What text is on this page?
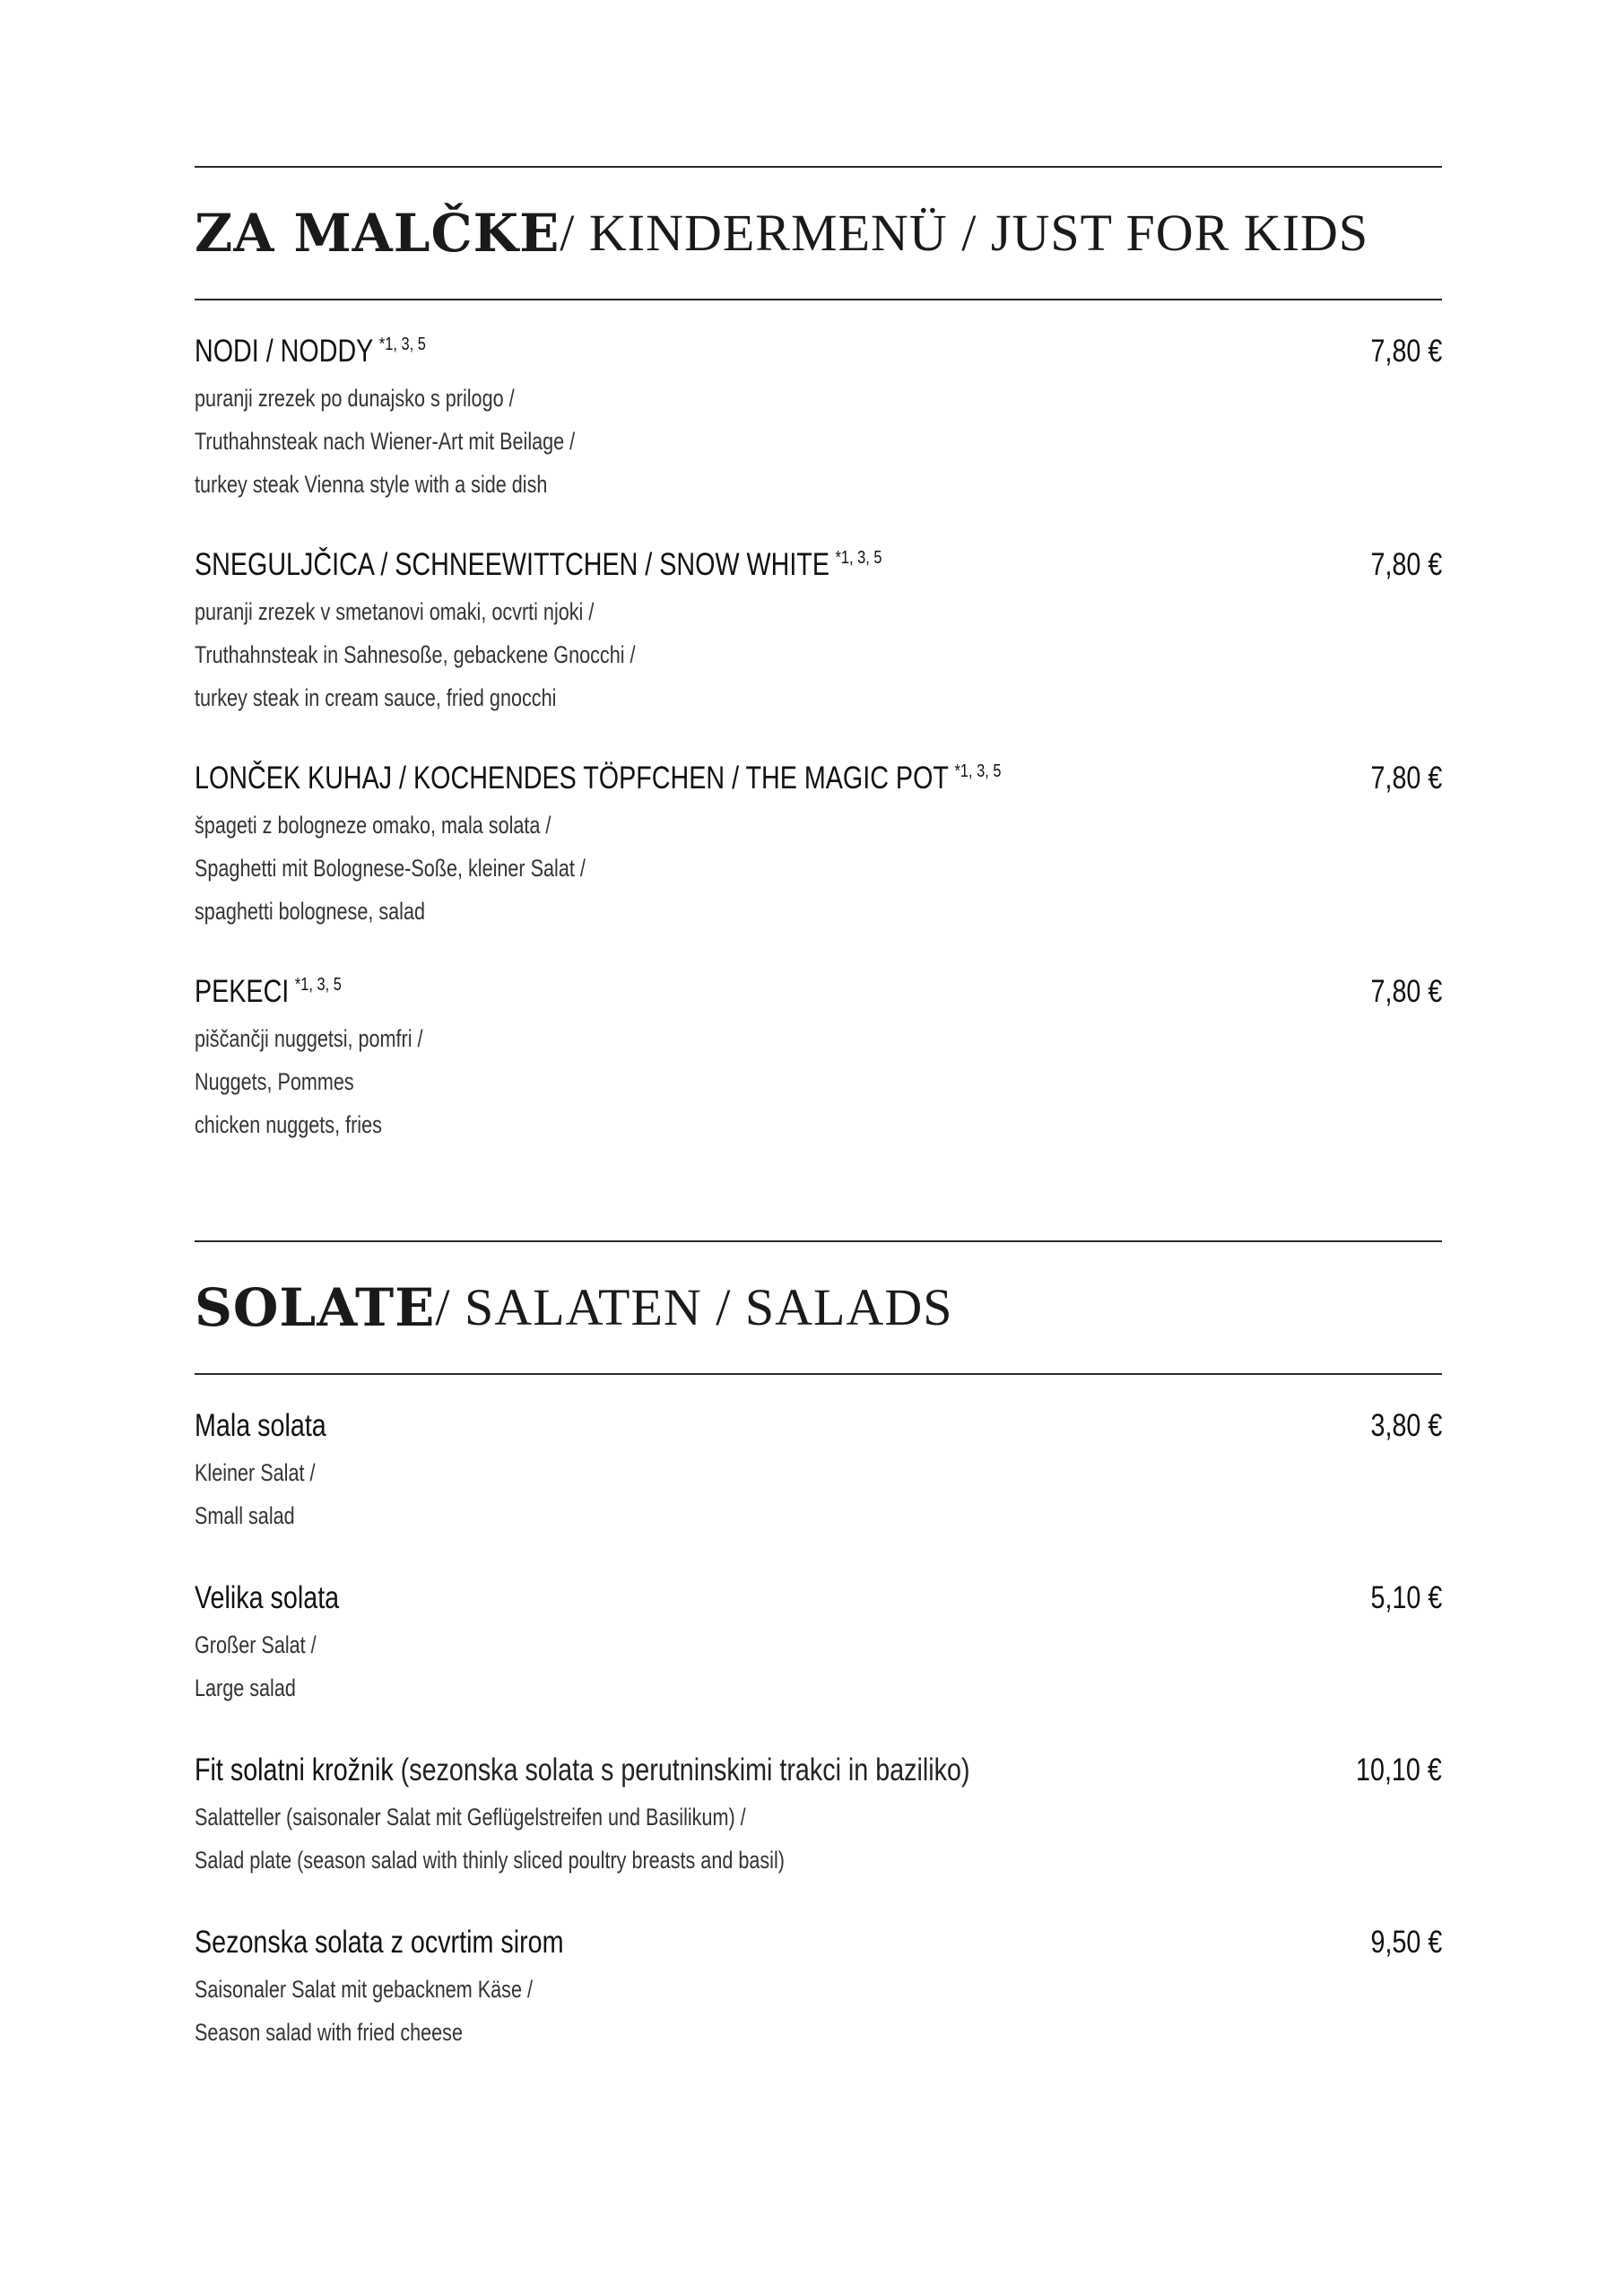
ZA MALČKE / KINDERMENÜ / JUST FOR KIDS
NODI / NODDY $^{*1, 3, 5}$	7,80 €
puranji zrezek po dunajsko s prilogo /
Truthahnsteak nach Wiener-Art mit Beilage /
turkey steak Vienna style with a side dish
SNEGULJČICA / SCHNEEWITTCHEN / SNOW WHITE $^{*1, 3, 5}$	7,80 €
puranji zrezek v smetanovi omaki, ocvrti njoki /
Truthahnsteak in Sahnesoße, gebackene Gnocchi /
turkey steak in cream sauce, fried gnocchi
LONČEK KUHAJ / KOCHENDES TÖPFCHEN / THE MAGIC POT $^{*1, 3, 5}$	7,80 €
špageti z bologneze omako, mala solata /
Spaghetti mit Bolognese-Soße, kleiner Salat /
spaghetti bolognese, salad
PEKECI $^{*1, 3, 5}$	7,80 €
piščančji nuggetsi, pomfri /
Nuggets, Pommes
chicken nuggets, fries
SOLATE / SALATEN / SALADS
Mala solata	3,80 €
Kleiner Salat /
Small salad
Velika solata	5,10 €
Großer Salat /
Large salad
Fit solatni krožnik (sezonska solata s perutninskimi trakci in baziliko)	10,10 €
Salatteller (saisonaler Salat mit Geflügelstreifen und Basilikum) /
Salad plate (season salad with thinly sliced poultry breasts and basil)
Sezonska solata z ocvrtim sirom	9,50 €
Saisonaler Salat mit gebacknem Käse /
Season salad with fried cheese
